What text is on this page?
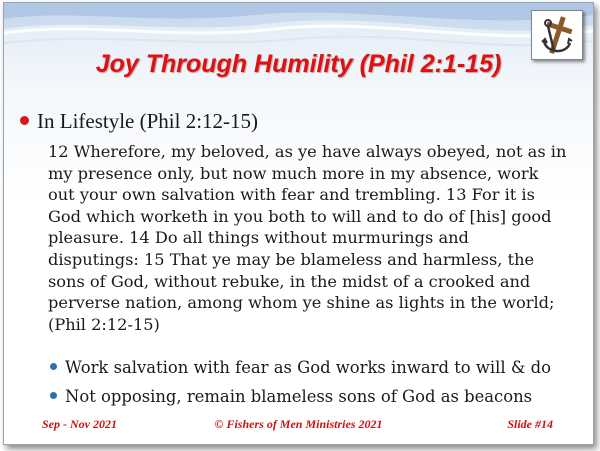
Joy Through Humility (Phil 2:1-15)
In Lifestyle (Phil 2:12-15)
12 Wherefore, my beloved, as ye have always obeyed, not as in
my presence only, but now much more in my absence, work
out your own salvation with fear and trembling. 13 For it is
God which worketh in you both to will and to do of [his] good
pleasure. 14 Do all things without murmurings and
disputings: 15 That ye may be blameless and harmless, the
sons of God, without rebuke, in the midst of a crooked and
perverse nation, among whom ye shine as lights in the world;
(Phil 2:12-15)
Work salvation with fear as God works inward to will & do
Not opposing, remain blameless sons of God as beacons
Sep - Nov 2021	© Fishers of Men Ministries 2021	Slide #14
